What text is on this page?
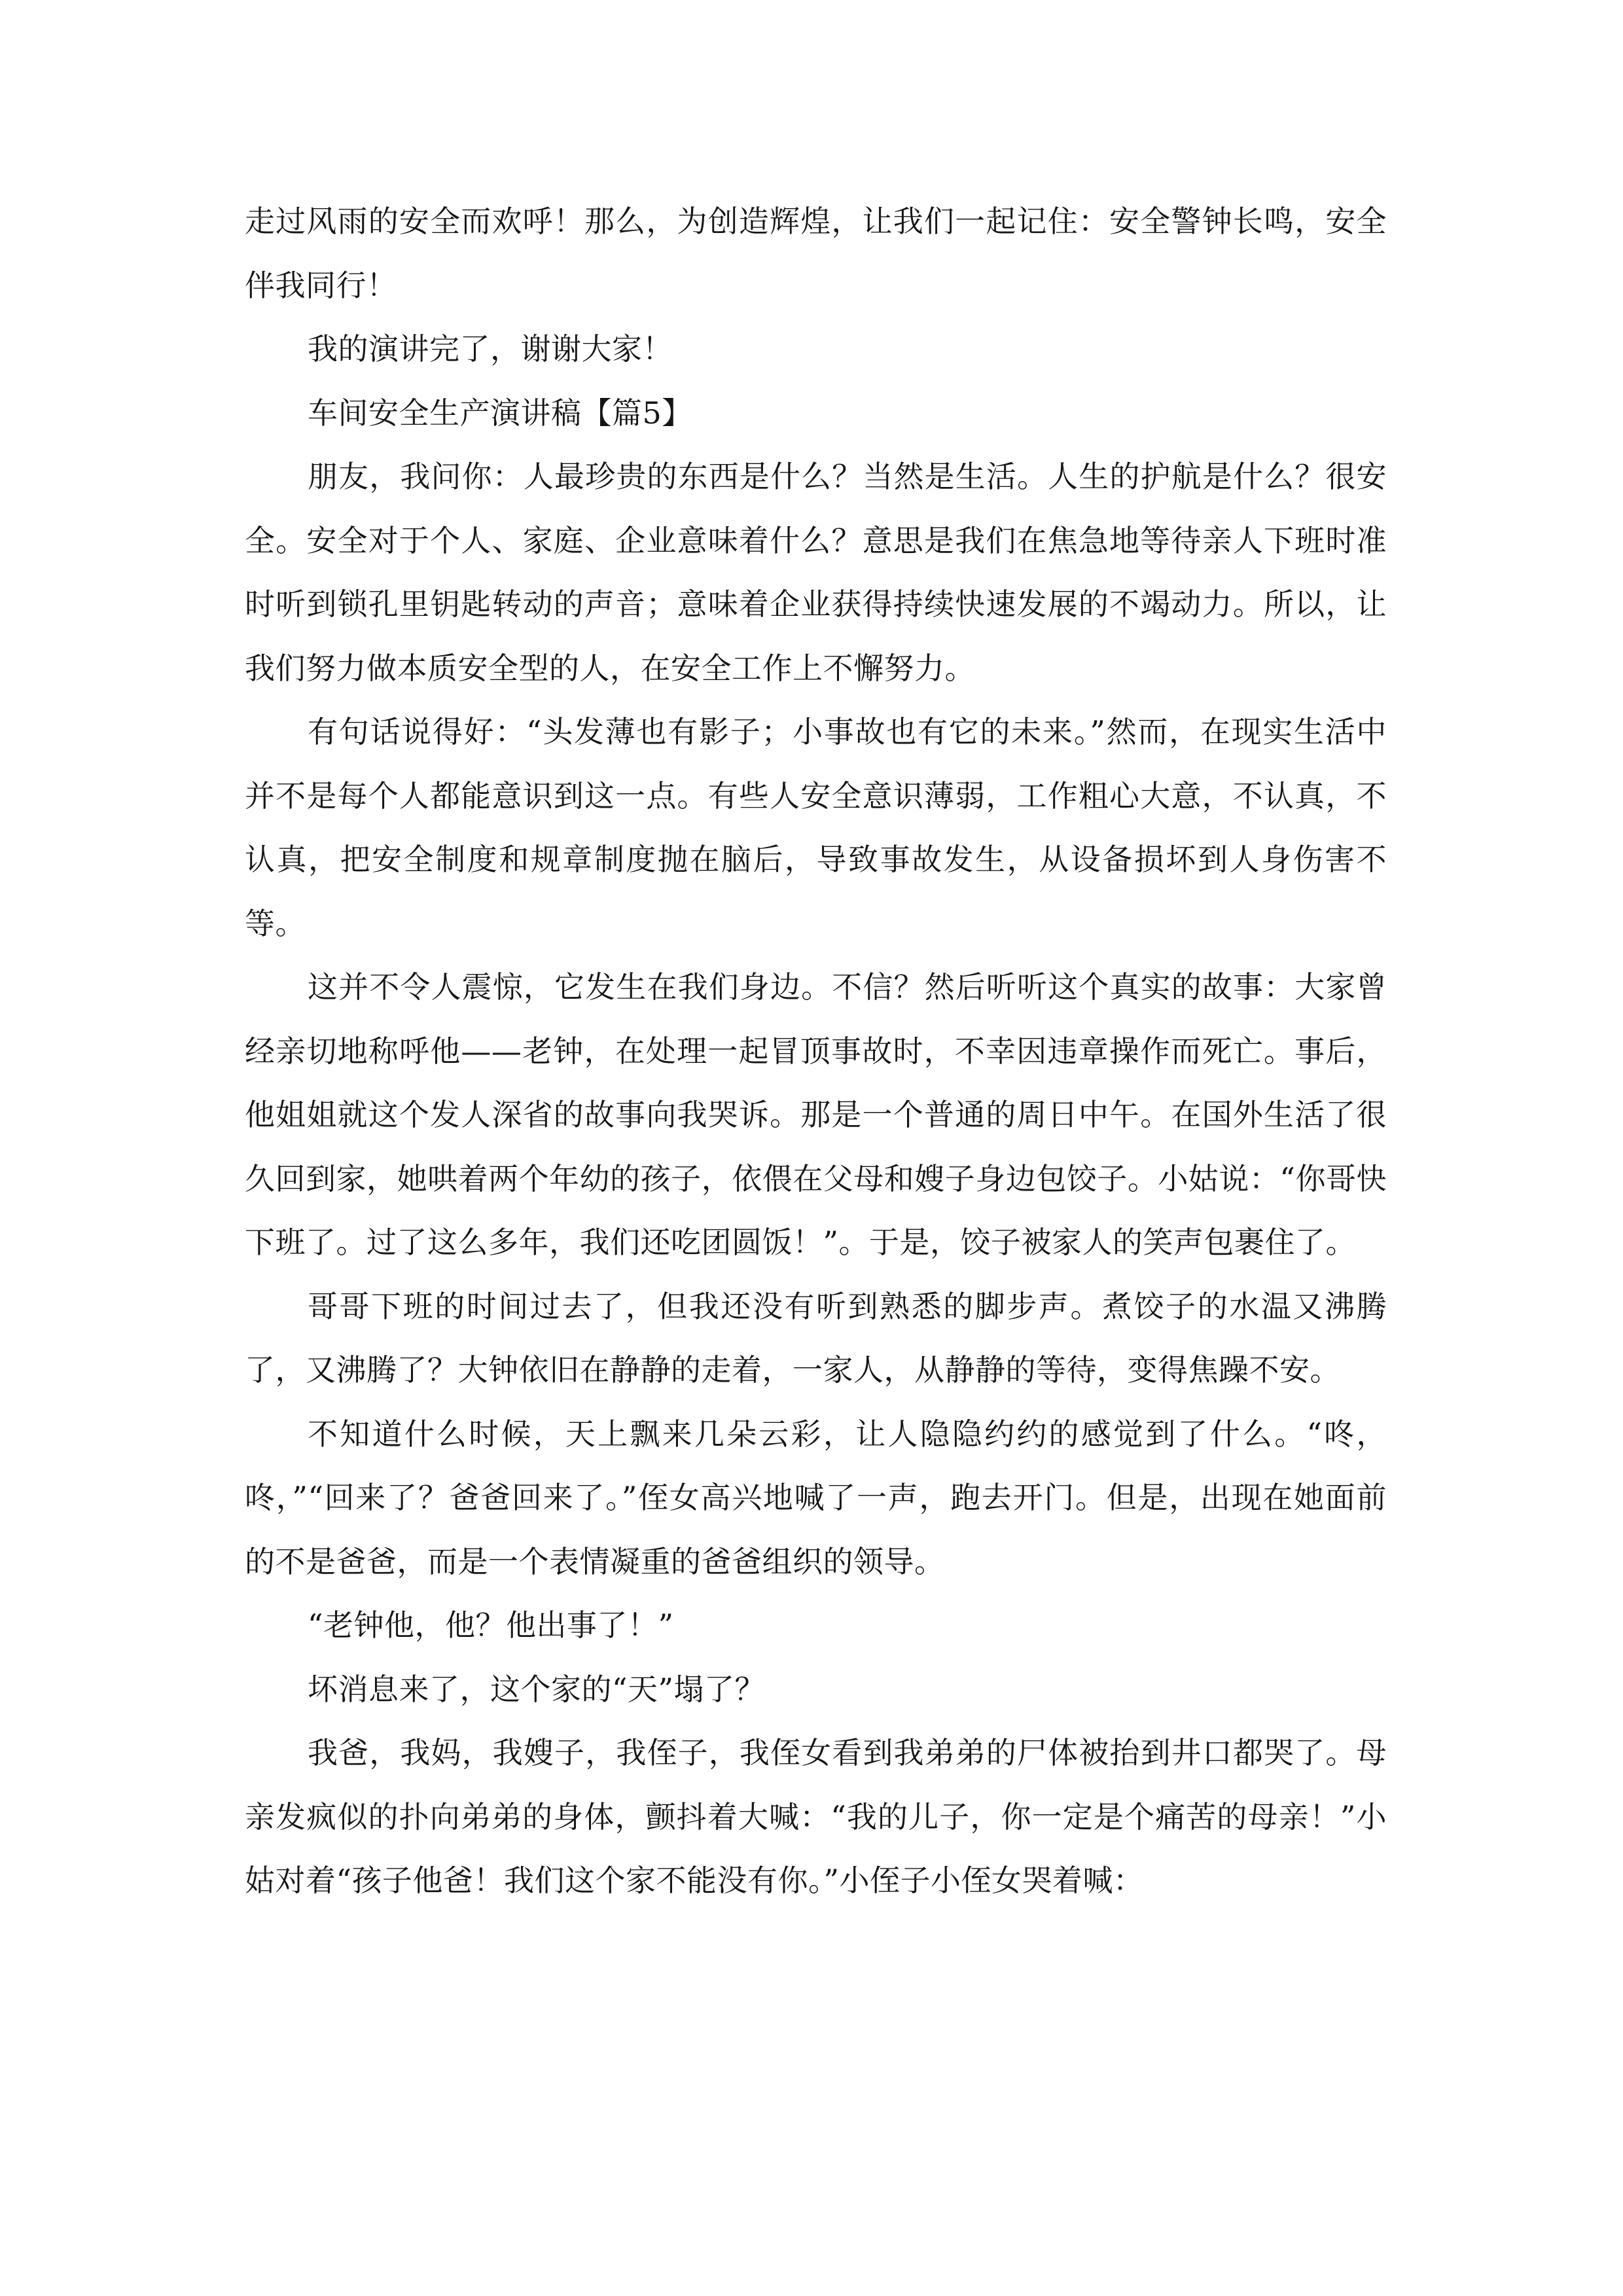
走过风雨的安全而欢呼！那么，为创造辉煌，让我们一起记住：安全警钟长鸣，安全伴我同行！

我的演讲完了，谢谢大家！

车间安全生产演讲稿【篇5】

朋友，我问你：人最珍贵的东西是什么？当然是生活。人生的护航是什么？很安全。安全对于个人、家庭、企业意味着什么？意思是我们在焦急地等待亲人下班时准时听到锁孔里钥匙转动的声音；意味着企业获得持续快速发展的不竭动力。所以，让我们努力做本质安全型的人，在安全工作上不懈努力。

有句话说得好：“头发薄也有影子；小事故也有它的未来。”然而，在现实生活中并不是每个人都能意识到这一点。有些人安全意识薄弱，工作粗心大意，不认真，不认真，把安全制度和规章制度抛在脑后，导致事故发生，从设备损坏到人身伤害不等。

这并不令人震惊，它发生在我们身边。不信？然后听听这个真实的故事：大家曾经亲切地称呼他——老钟，在处理一起冒顶事故时，不幸因违章操作而死亡。事后，他姐姐就这个发人深省的故事向我哭诉。那是一个普通的周日中午。在国外生活了很久回到家，她哄着两个年幼的孩子，依偎在父母和嫂子身边包饺子。小姑说：“你哥快下班了。过了这么多年，我们还吃团圆饭！”。于是，饺子被家人的笑声包裹住了。

哥哥下班的时间过去了，但我还没有听到熟悉的脚步声。煮饺子的水温又沸腾了，又沸腾了？大钟依旧在静静的走着，一家人，从静静的等待，变得焦躁不安。

不知道什么时候，天上飘来几朵云彩，让人隐隐约约的感觉到了什么。“咚，咚，”“回来了？爸爸回来了。”侄女高兴地喊了一声，跑去开门。但是，出现在她面前的不是爸爸，而是一个表情凝重的爸爸组织的领导。

“老钟他，他？他出事了！”

坏消息来了，这个家的“天”塌了？

我爸，我妈，我嫂子，我侄子，我侄女看到我弟弟的尸体被抬到井口都哭了。母亲发疯似的扑向弟弟的身体，颤抖着大喊：“我的儿子，你一定是个痛苦的母亲！”小姑对着“孩子他爸！我们这个家不能没有你。”小侄子小侄女哭着喊：
